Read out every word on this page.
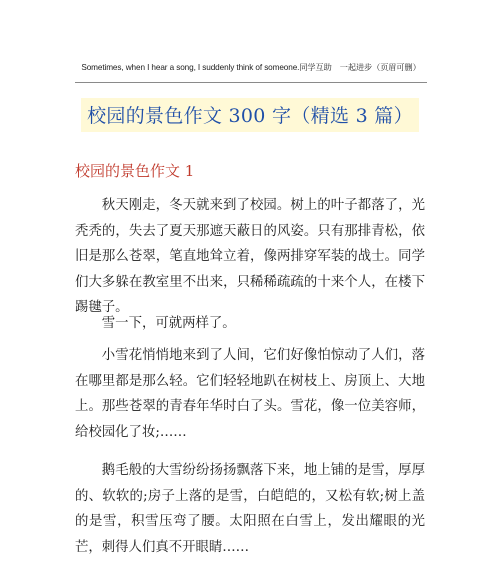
Sometimes, when I hear a song, I suddenly think of someone.同学互助　一起进步（页眉可删）
校园的景色作文 300 字（精选 3 篇）
校园的景色作文 1

秋天刚走，冬天就来到了校园。树上的叶子都落了，光秃秃的，失去了夏天那遮天蔽日的风姿。只有那排青松，依旧是那么苍翠，笔直地耸立着，像两排穿军装的战士。同学们大多躲在教室里不出来，只稀稀疏疏的十来个人，在楼下踢毽子。

雪一下，可就两样了。

小雪花悄悄地来到了人间，它们好像怕惊动了人们，落在哪里都是那么轻。它们轻轻地趴在树枝上、房顶上、大地上。那些苍翠的青春年华时白了头。雪花，像一位美容师，给校园化了妆;……

鹅毛般的大雪纷纷扬扬飘落下来，地上铺的是雪，厚厚的、软软的;房子上落的是雪，白皑皑的，又松有软;树上盖的是雪，积雪压弯了腰。太阳照在白雪上，发出耀眼的光芒，刺得人们真不开眼睛……
